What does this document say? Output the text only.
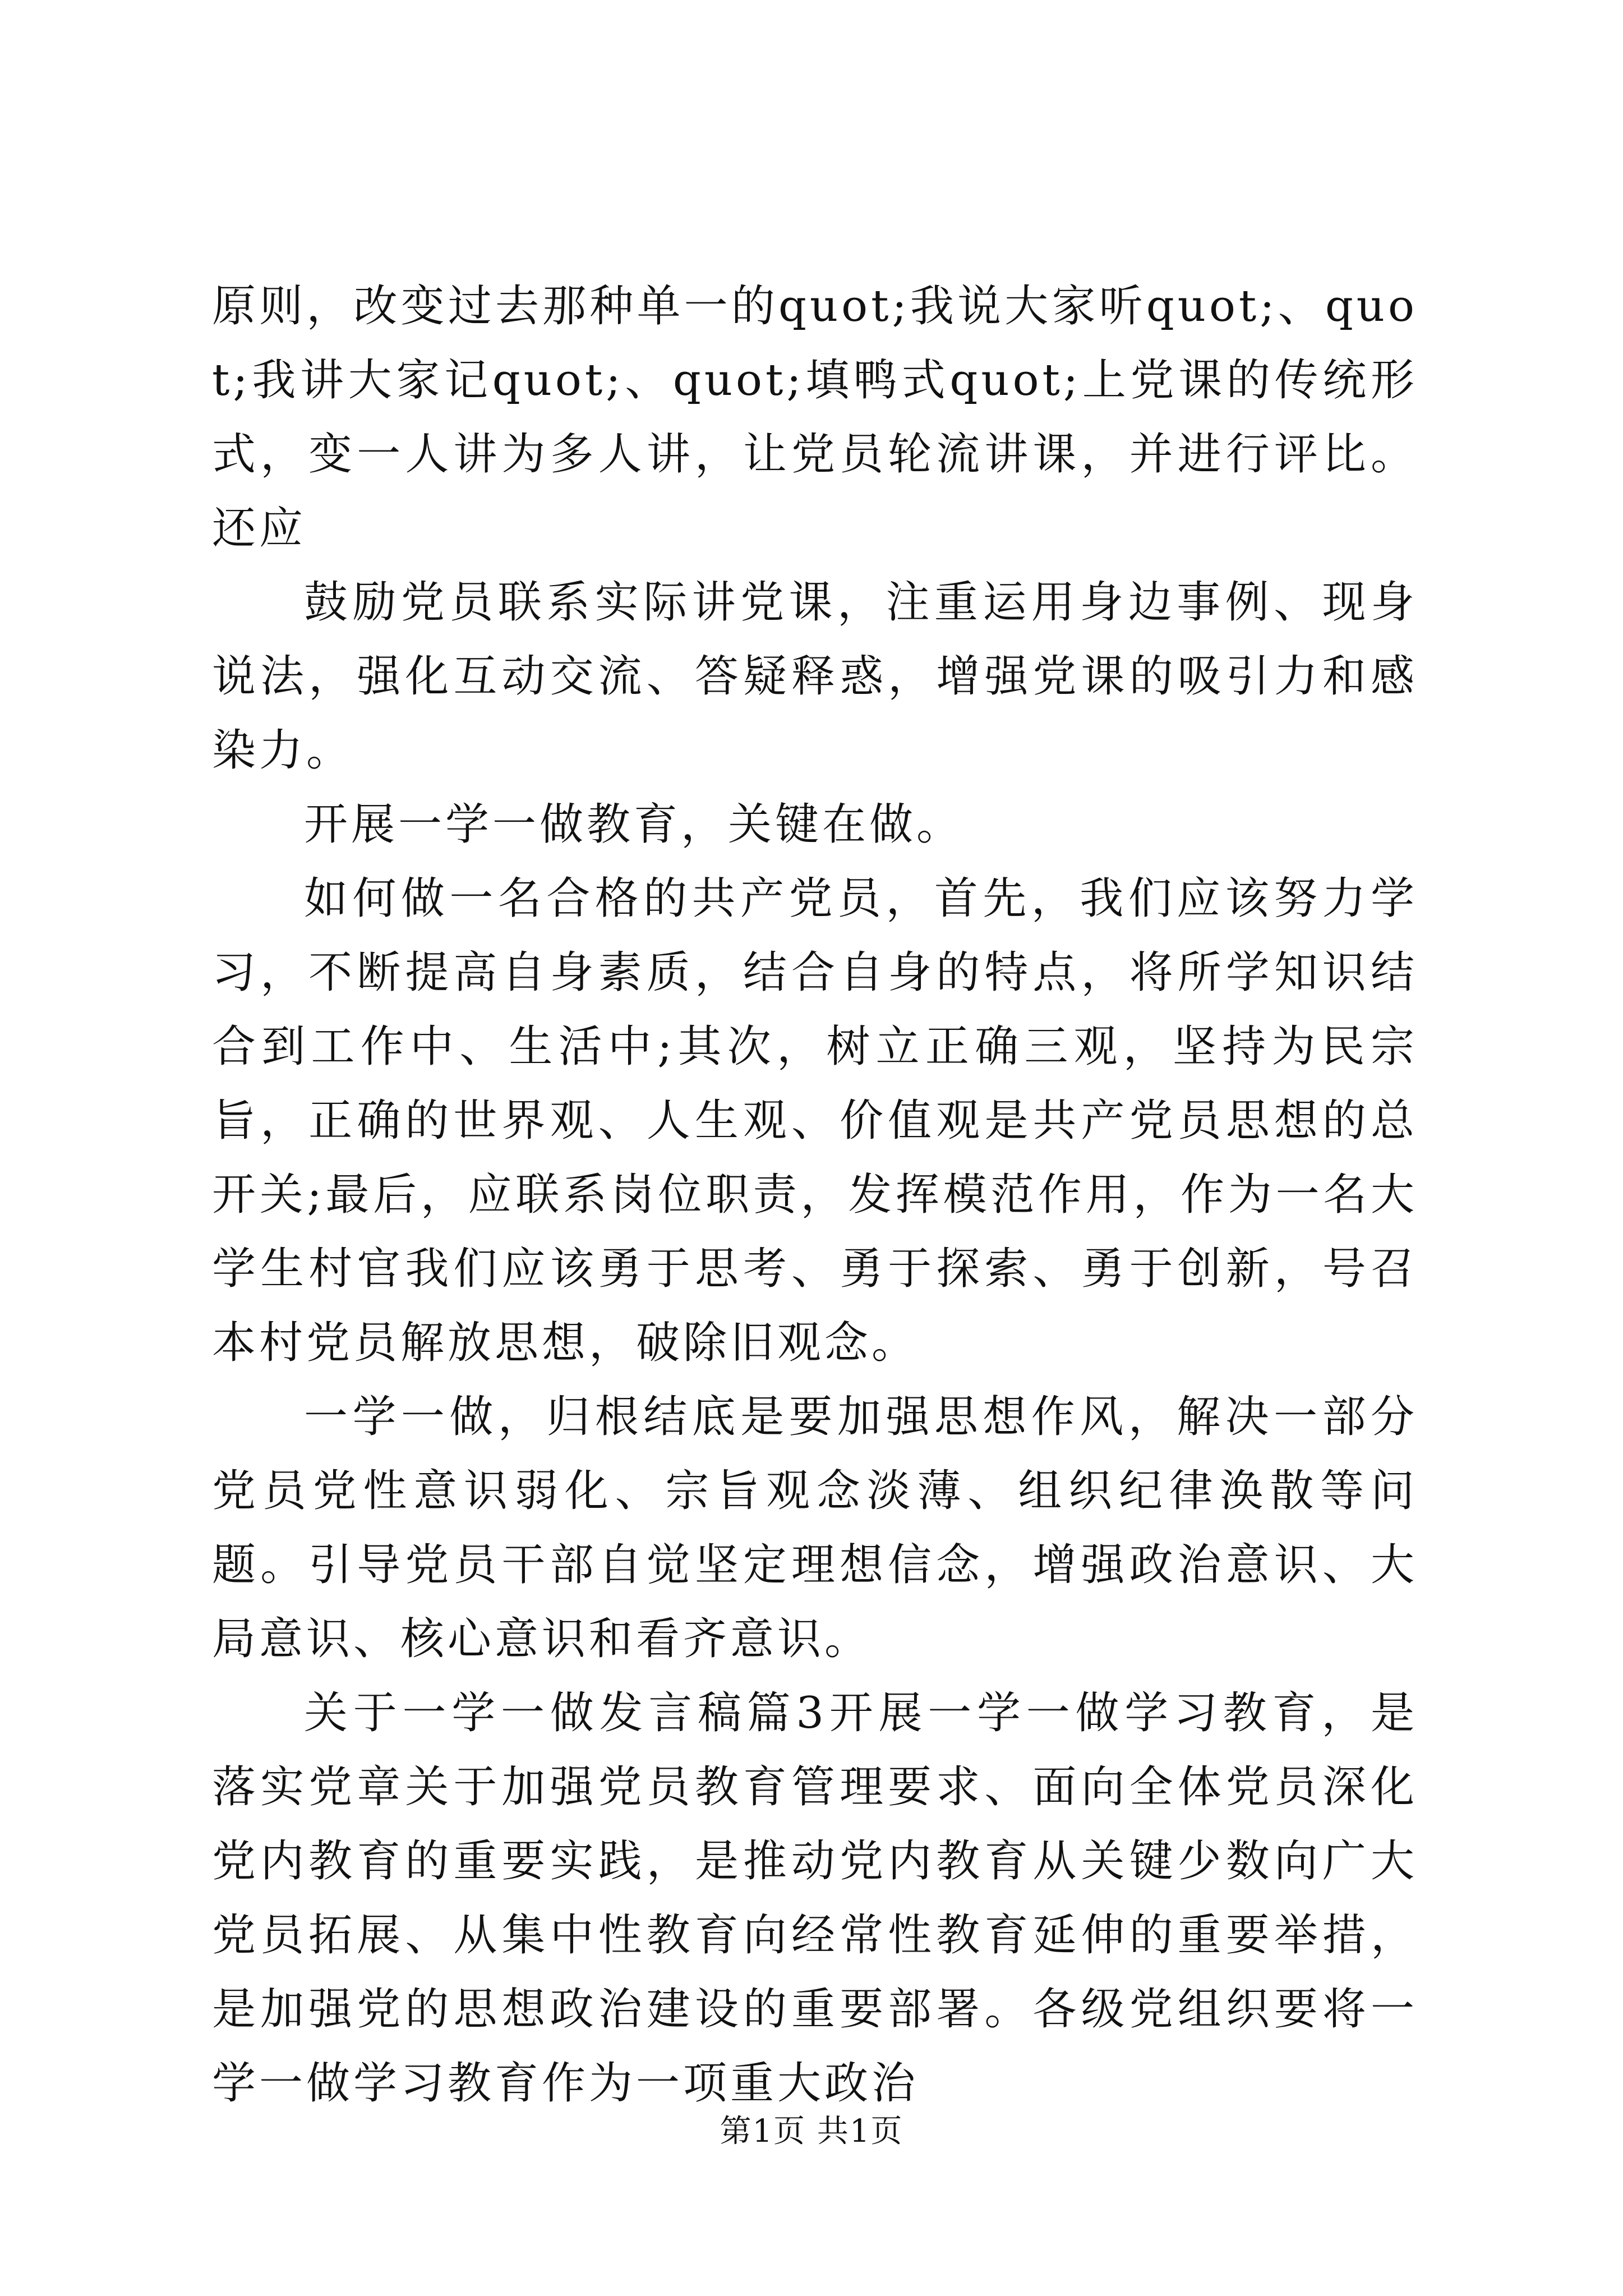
原则，改变过去那种单一的quot;我说大家听quot;、quot;我讲大家记quot;、quot;填鸭式quot;上党课的传统形式，变一人讲为多人讲，让党员轮流讲课，并进行评比。还应

鼓励党员联系实际讲党课，注重运用身边事例、现身说法，强化互动交流、答疑释惑，增强党课的吸引力和感染力。

开展一学一做教育，关键在做。

如何做一名合格的共产党员，首先，我们应该努力学习，不断提高自身素质，结合自身的特点，将所学知识结合到工作中、生活中;其次，树立正确三观，坚持为民宗旨，正确的世界观、人生观、价值观是共产党员思想的总开关;最后，应联系岗位职责，发挥模范作用，作为一名大学生村官我们应该勇于思考、勇于探索、勇于创新，号召本村党员解放思想，破除旧观念。

一学一做，归根结底是要加强思想作风，解决一部分党员党性意识弱化、宗旨观念淡薄、组织纪律涣散等问题。引导党员干部自觉坚定理想信念，增强政治意识、大局意识、核心意识和看齐意识。

关于一学一做发言稿篇3开展一学一做学习教育，是落实党章关于加强党员教育管理要求、面向全体党员深化党内教育的重要实践，是推动党内教育从关键少数向广大党员拓展、从集中性教育向经常性教育延伸的重要举措，是加强党的思想政治建设的重要部署。各级党组织要将一学一做学习教育作为一项重大政治

第1页 共1页
